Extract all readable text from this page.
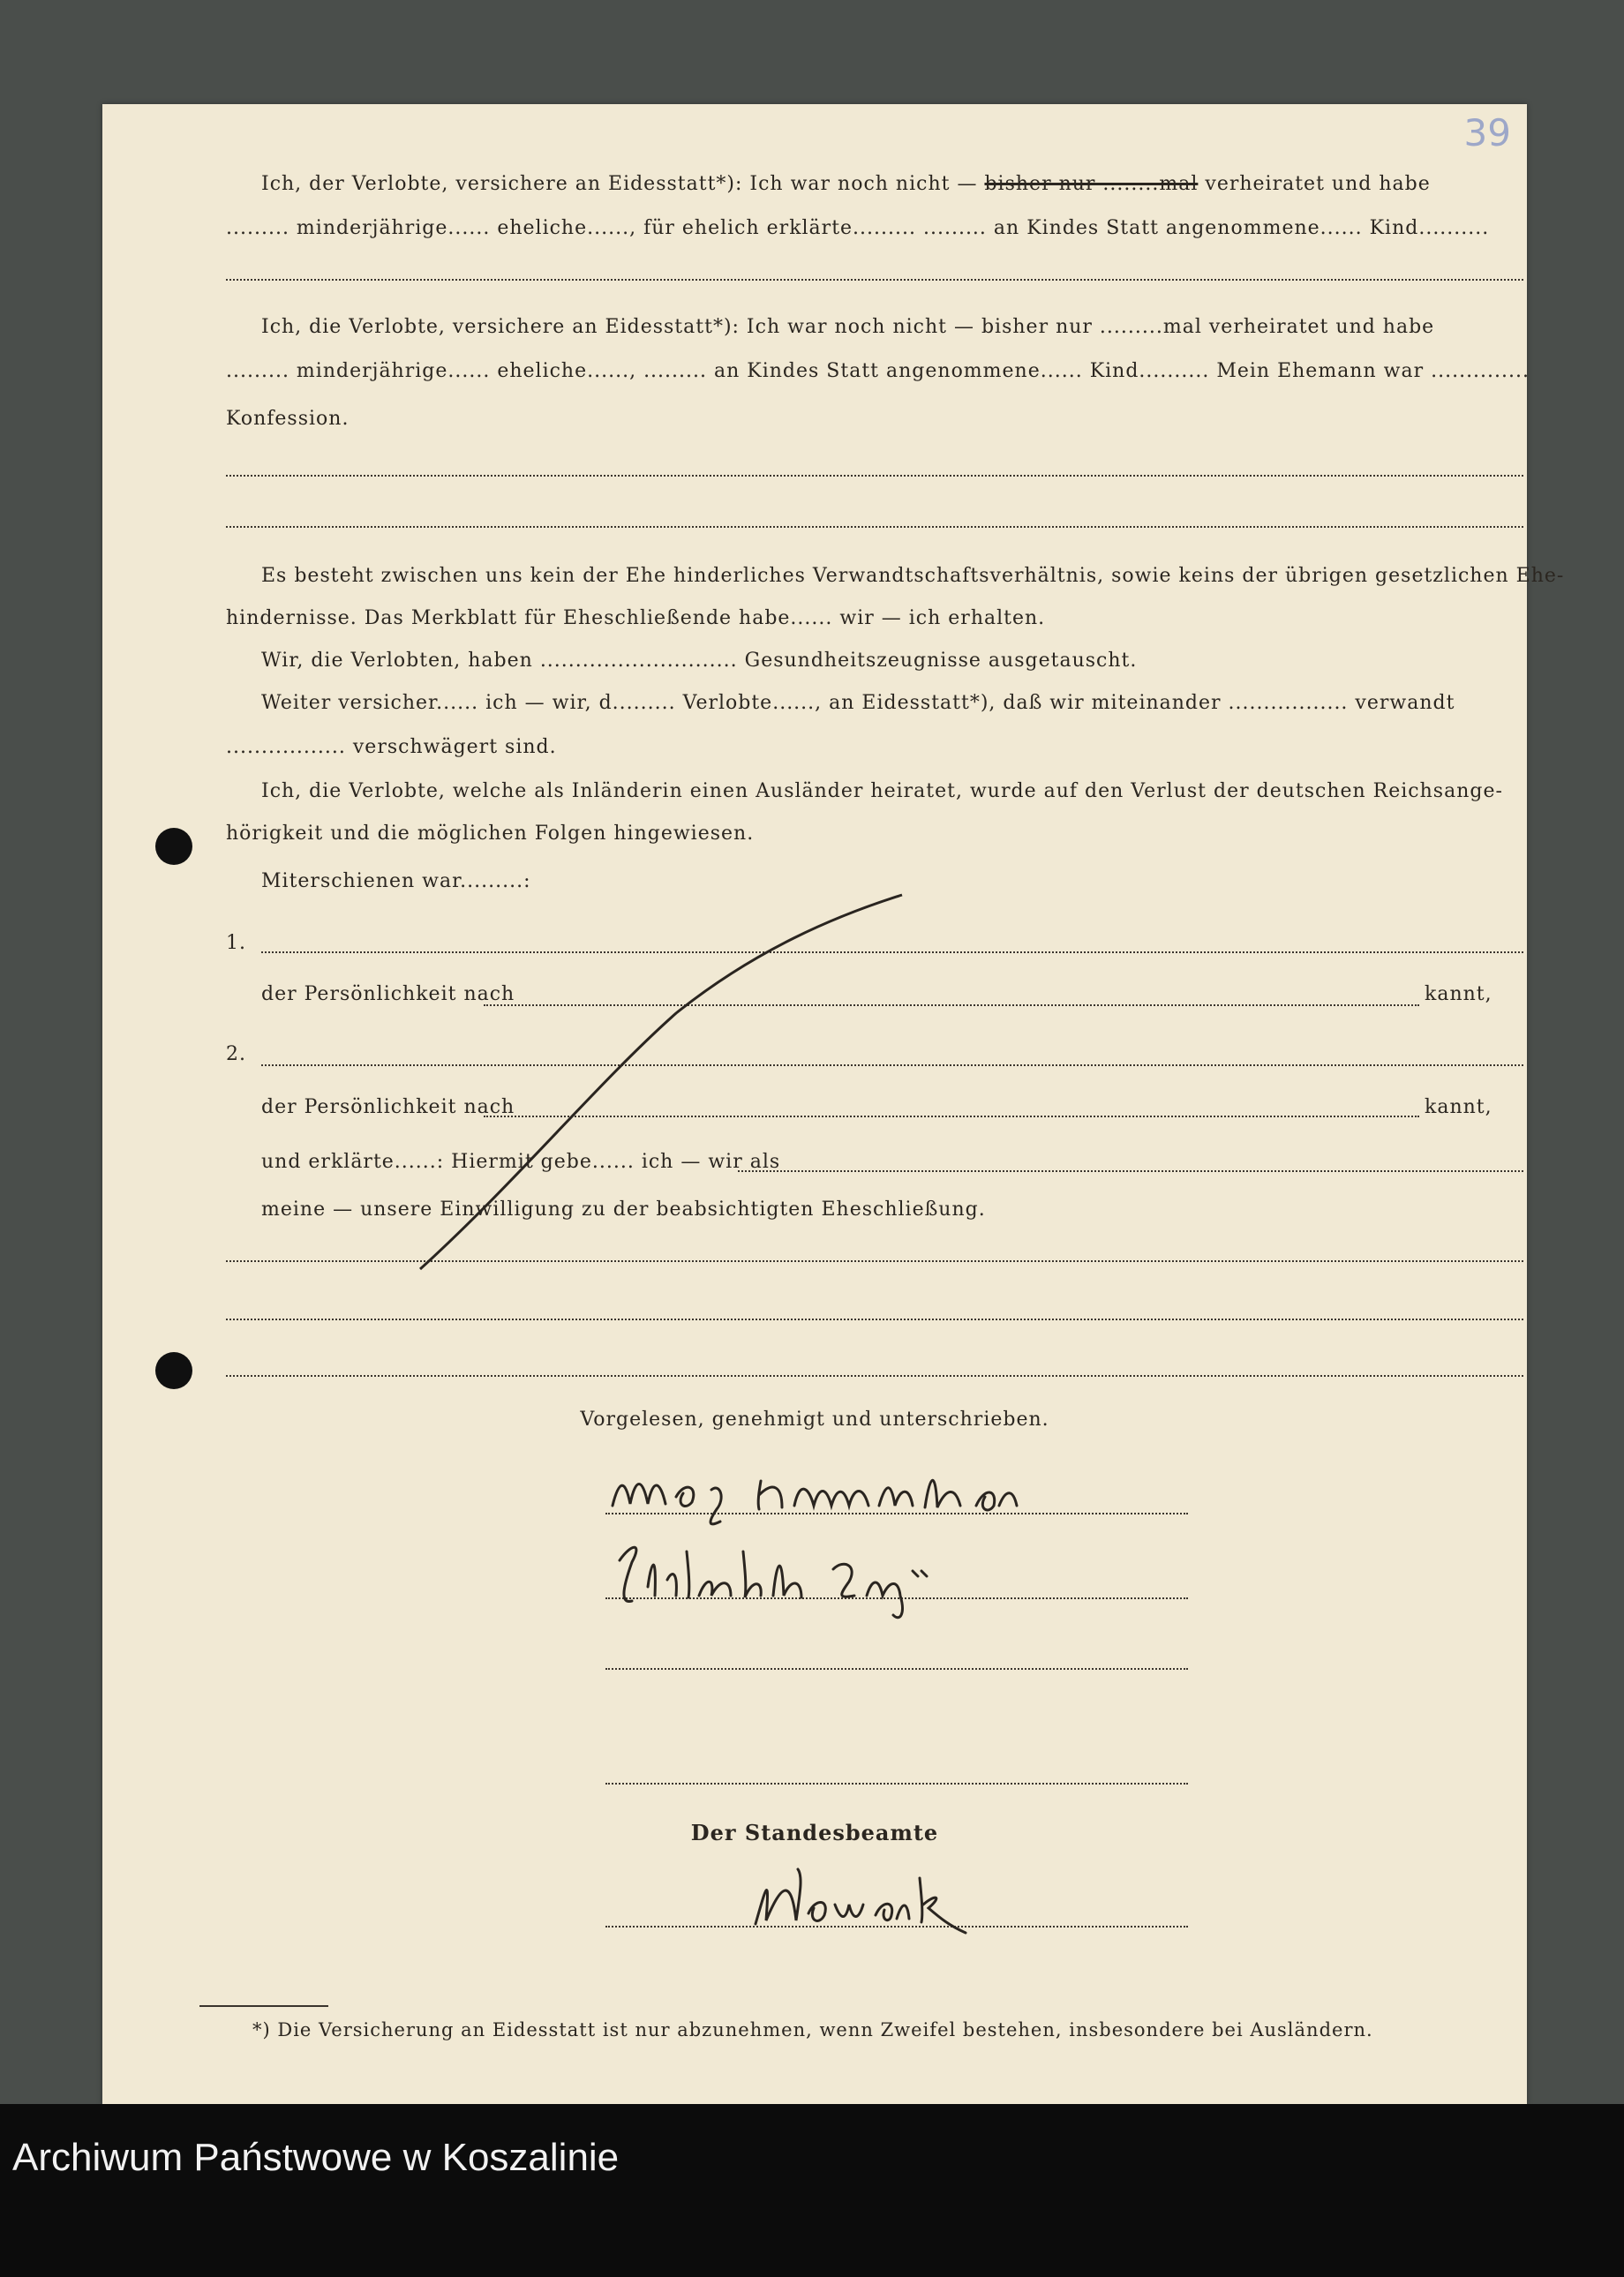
39
Ich, der Verlobte, versichere an Eidesstatt*): Ich war noch nicht — bisher nur ........mal verheiratet und habe
......... minderjährige...... eheliche......, für ehelich erklärte......... ......... an Kindes Statt angenommene...... Kind..........
Ich, die Verlobte, versichere an Eidesstatt*): Ich war noch nicht — bisher nur .........mal verheiratet und habe
......... minderjährige...... eheliche......, ......... an Kindes Statt angenommene...... Kind.......... Mein Ehemann war ..............
Konfession.
Es besteht zwischen uns kein der Ehe hinderliches Verwandtschaftsverhältnis, sowie keins der übrigen gesetzlichen Ehe-
hindernisse. Das Merkblatt für Eheschließende habe...... wir — ich erhalten.
Wir, die Verlobten, haben ............................ Gesundheitszeugnisse ausgetauscht.
Weiter versicher...... ich — wir, d......... Verlobte......, an Eidesstatt*), daß wir miteinander ................. verwandt
................. verschwägert sind.
Ich, die Verlobte, welche als Inländerin einen Ausländer heiratet, wurde auf den Verlust der deutschen Reichsange-
hörigkeit und die möglichen Folgen hingewiesen.
Miterschienen war.........:
1.
der Persönlichkeit nach	kannt,
2.
der Persönlichkeit nach	kannt,
und erklärte......: Hiermit gebe...... ich — wir als
meine — unsere Einwilligung zu der beabsichtigten Eheschließung.
Vorgelesen, genehmigt und unterschrieben.
Der Standesbeamte
*) Die Versicherung an Eidesstatt ist nur abzunehmen, wenn Zweifel bestehen, insbesondere bei Ausländern.
Archiwum Państwowe w Koszalinie
